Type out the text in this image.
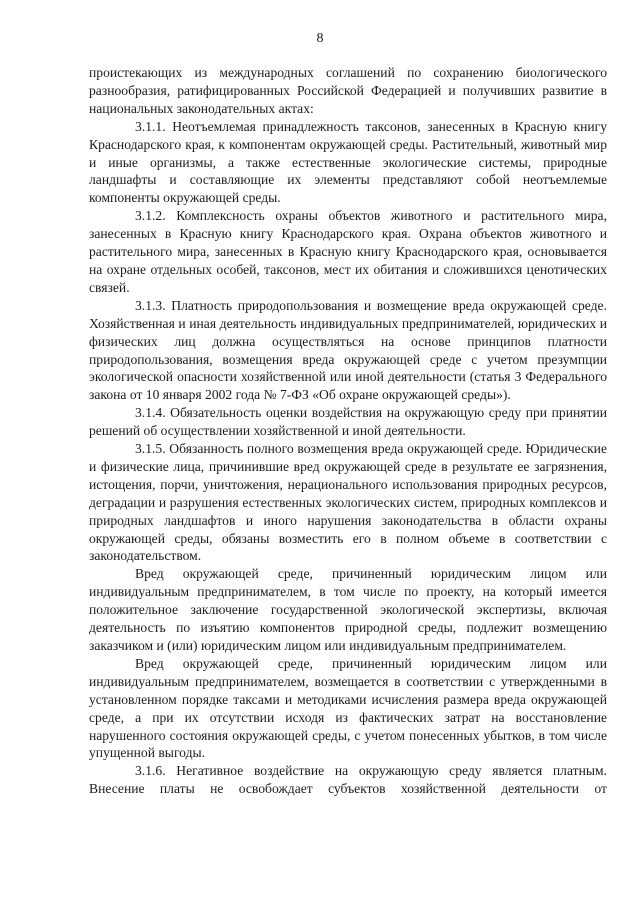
8

проистекающих из международных соглашений по сохранению биологического разнообразия, ратифицированных Российской Федерацией и получивших развитие в национальных законодательных актах:

3.1.1. Неотъемлемая принадлежность таксонов, занесенных в Красную книгу Краснодарского края, к компонентам окружающей среды. Растительный, животный мир и иные организмы, а также естественные экологические системы, природные ландшафты и составляющие их элементы представляют собой неотъемлемые компоненты окружающей среды.

3.1.2. Комплексность охраны объектов животного и растительного мира, занесенных в Красную книгу Краснодарского края. Охрана объектов животного и растительного мира, занесенных в Красную книгу Краснодарского края, основывается на охране отдельных особей, таксонов, мест их обитания и сложившихся ценотических связей.

3.1.3. Платность природопользования и возмещение вреда окружающей среде. Хозяйственная и иная деятельность индивидуальных предпринимателей, юридических и физических лиц должна осуществляться на основе принципов платности природопользования, возмещения вреда окружающей среде с учетом презумпции экологической опасности хозяйственной или иной деятельности (статья 3 Федерального закона от 10 января 2002 года № 7-ФЗ «Об охране окружающей среды»).

3.1.4. Обязательность оценки воздействия на окружающую среду при принятии решений об осуществлении хозяйственной и иной деятельности.

3.1.5. Обязанность полного возмещения вреда окружающей среде. Юридические и физические лица, причинившие вред окружающей среде в результате ее загрязнения, истощения, порчи, уничтожения, нерационального использования природных ресурсов, деградации и разрушения естественных экологических систем, природных комплексов и природных ландшафтов и иного нарушения законодательства в области охраны окружающей среды, обязаны возместить его в полном объеме в соответствии с законодательством.

Вред окружающей среде, причиненный юридическим лицом или индивидуальным предпринимателем, в том числе по проекту, на который имеется положительное заключение государственной экологической экспертизы, включая деятельность по изъятию компонентов природной среды, подлежит возмещению заказчиком и (или) юридическим лицом или индивидуальным предпринимателем.

Вред окружающей среде, причиненный юридическим лицом или индивидуальным предпринимателем, возмещается в соответствии с утвержденными в установленном порядке таксами и методиками исчисления размера вреда окружающей среде, а при их отсутствии исходя из фактических затрат на восстановление нарушенного состояния окружающей среды, с учетом понесенных убытков, в том числе упущенной выгоды.

3.1.6. Негативное воздействие на окружающую среду является платным. Внесение платы не освобождает субъектов хозяйственной деятельности от
